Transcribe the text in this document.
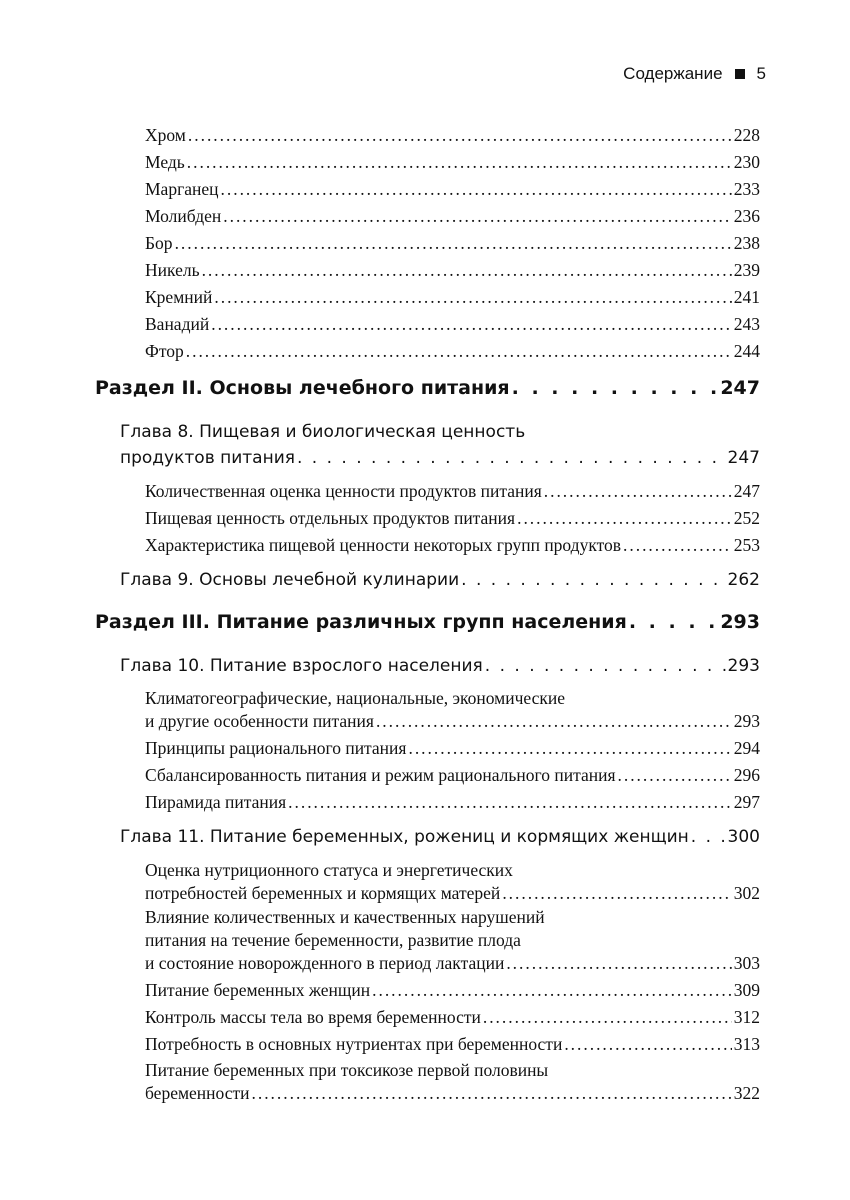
Содержание 5
Хром . . .	228
Медь . . .	230
Марганец . . .	233
Молибден . . .	236
Бор . . .	238
Никель . . .	239
Кремний . . .	241
Ванадий . . .	243
Фтор . . .	244
Раздел II. Основы лечебного питания . . .	247
Глава 8. Пищевая и биологическая ценность
продуктов питания . . .	247
Количественная оценка ценности продуктов питания . . .	247
Пищевая ценность отдельных продуктов питания . . .	252
Характеристика пищевой ценности некоторых групп продуктов . . .	253
Глава 9. Основы лечебной кулинарии . . .	262
Раздел III. Питание различных групп населения . . .	293
Глава 10. Питание взрослого населения . . .	293
Климатогеографические, национальные, экономические
и другие особенности питания . . .	293
Принципы рационального питания . . .	294
Сбалансированность питания и режим рационального питания . . .	296
Пирамида питания . . .	297
Глава 11. Питание беременных, рожениц и кормящих женщин . . . 300
Оценка нутриционного статуса и энергетических
потребностей беременных и кормящих матерей . . .	302
Влияние количественных и качественных нарушений
питания на течение беременности, развитие плода
и состояние новорожденного в период лактации . . .	303
Питание беременных женщин . . .	309
Контроль массы тела во время беременности . . .	312
Потребность в основных нутриентах при беременности . . .	313
Питание беременных при токсикозе первой половины
беременности . . .	322
